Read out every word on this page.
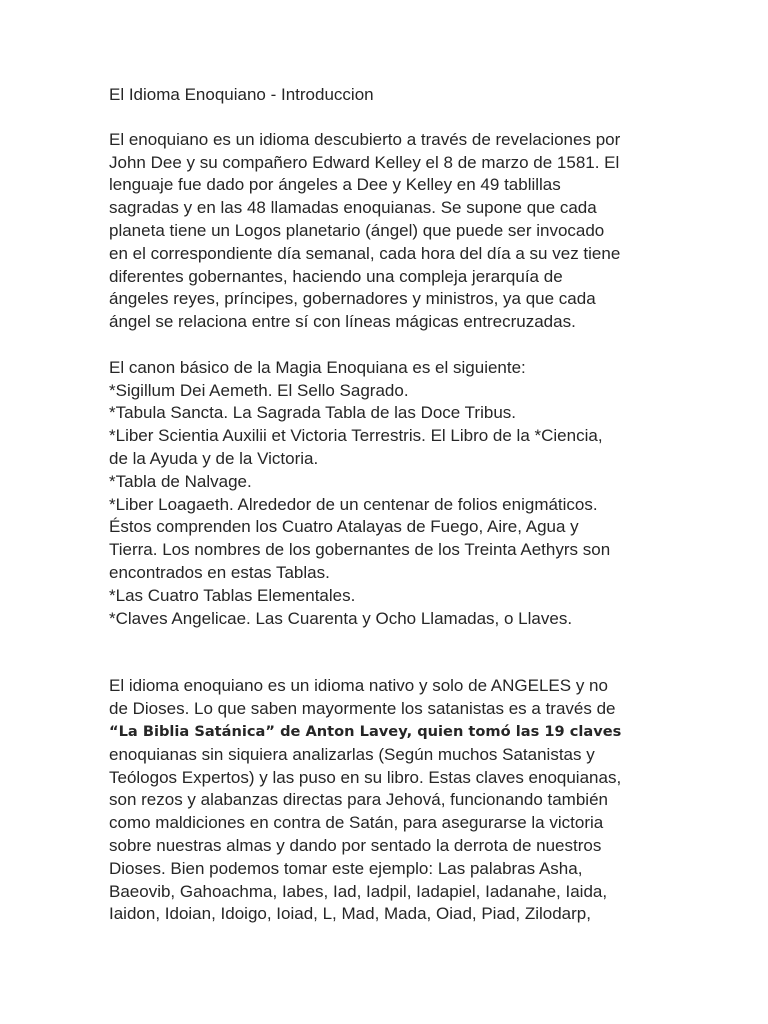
El Idioma Enoquiano - Introduccion
El enoquiano es un idioma descubierto a través de revelaciones por
John Dee y su compañero Edward Kelley el 8 de marzo de 1581. El
lenguaje fue dado por ángeles a Dee y Kelley en 49 tablillas
sagradas y en las 48 llamadas enoquianas. Se supone que cada
planeta tiene un Logos planetario (ángel) que puede ser invocado
en el correspondiente día semanal, cada hora del día a su vez tiene
diferentes gobernantes, haciendo una compleja jerarquía de
ángeles reyes, príncipes, gobernadores y ministros, ya que cada
ángel se relaciona entre sí con líneas mágicas entrecruzadas.
El canon básico de la Magia Enoquiana es el siguiente:
*Sigillum Dei Aemeth. El Sello Sagrado.
*Tabula Sancta. La Sagrada Tabla de las Doce Tribus.
*Liber Scientia Auxilii et Victoria Terrestris. El Libro de la *Ciencia,
de la Ayuda y de la Victoria.
*Tabla de Nalvage.
*Liber Loagaeth. Alrededor de un centenar de folios enigmáticos.
Éstos comprenden los Cuatro Atalayas de Fuego, Aire, Agua y
Tierra. Los nombres de los gobernantes de los Treinta Aethyrs son
encontrados en estas Tablas.
*Las Cuatro Tablas Elementales.
*Claves Angelicae. Las Cuarenta y Ocho Llamadas, o Llaves.
El idioma enoquiano es un idioma nativo y solo de ANGELES y no
de Dioses. Lo que saben mayormente los satanistas es a través de
“La Biblia Satánica” de Anton Lavey, quien tomó las 19 claves
enoquianas sin siquiera analizarlas (Según muchos Satanistas y
Teólogos Expertos) y las puso en su libro. Estas claves enoquianas,
son rezos y alabanzas directas para Jehová, funcionando también
como maldiciones en contra de Satán, para asegurarse la victoria
sobre nuestras almas y dando por sentado la derrota de nuestros
Dioses. Bien podemos tomar este ejemplo: Las palabras Asha,
Baeovib, Gahoachma, Iabes, Iad, Iadpil, Iadapiel, Iadanahe, Iaida,
Iaidon, Idoian, Idoigo, Ioiad, L, Mad, Mada, Oiad, Piad, Zilodarp,
